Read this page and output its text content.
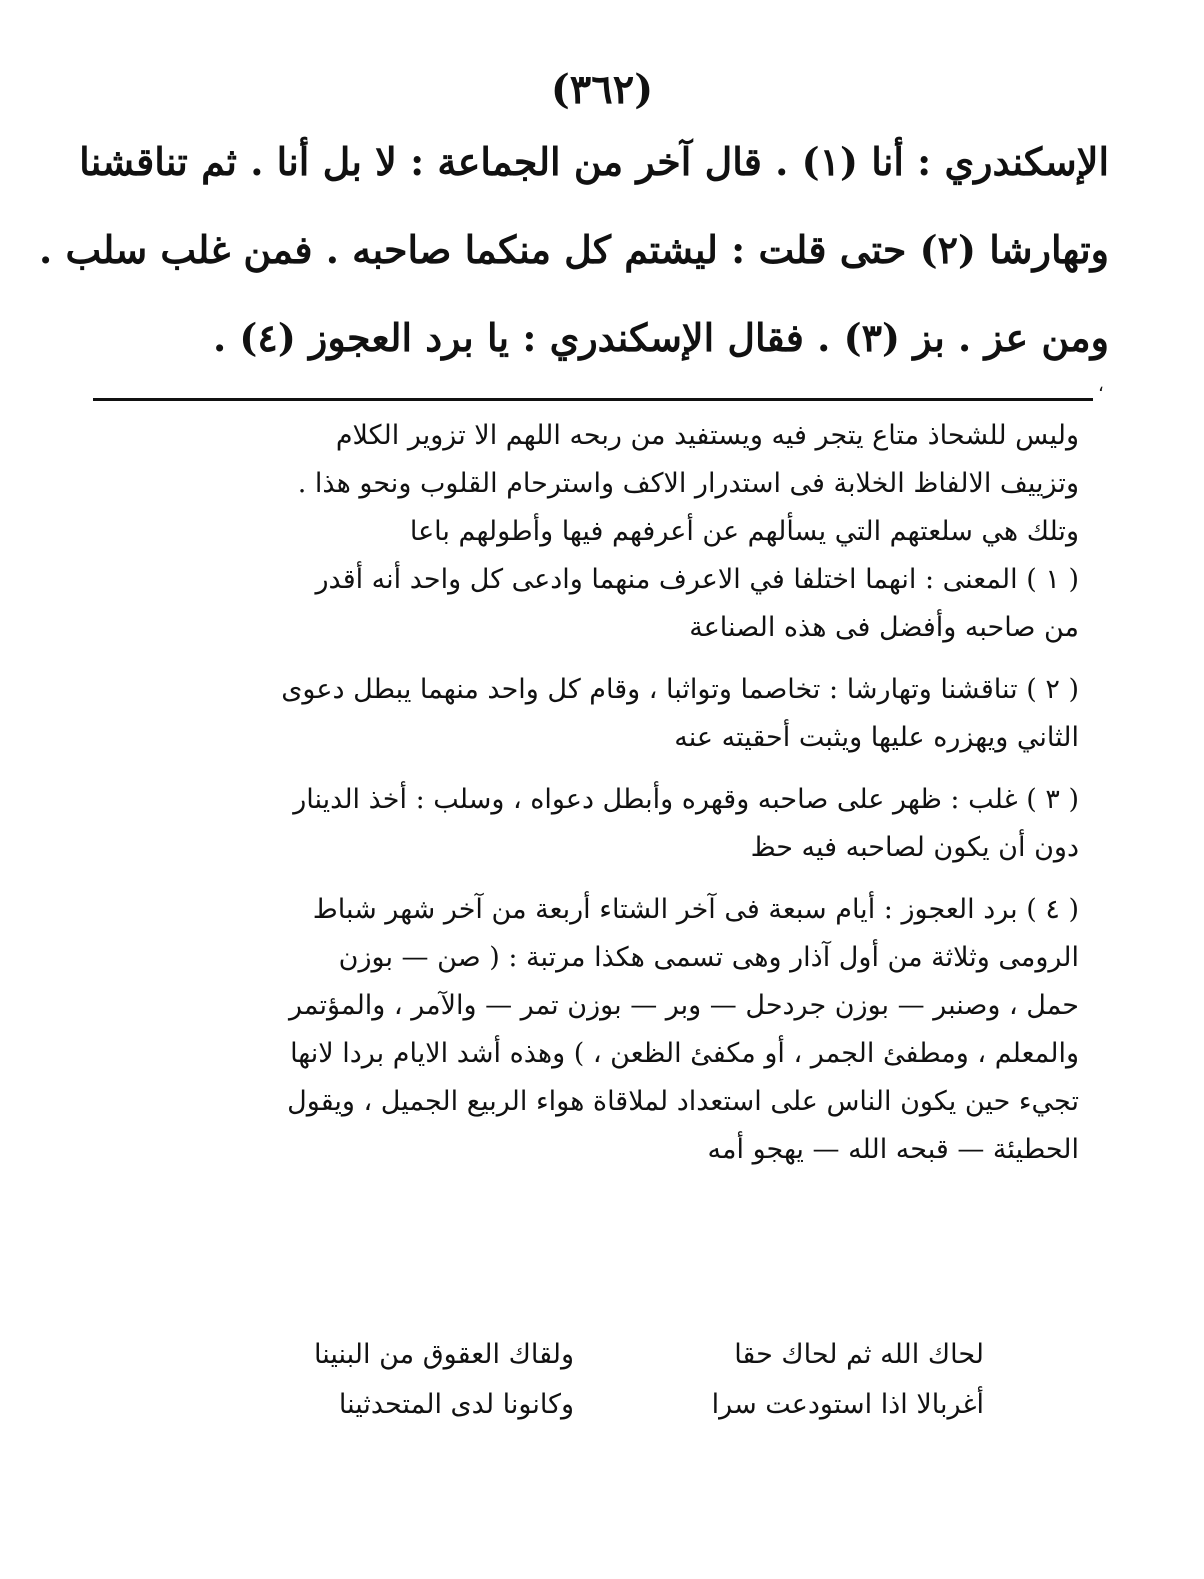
(٣٦٢)
الإسكندري : أنا (١) . قال آخر من الجماعة : لا بل أنا . ثم تناقشنا
وتهارشا (٢) حتى قلت : ليشتم كل منكما صاحبه . فمن غلب سلب .
ومن عز . بز (٣) . فقال الإسكندري : يا برد العجوز (٤) .
،
وليس للشحاذ متاع يتجر فيه ويستفيد من ربحه اللهم الا تزوير الكلام
وتزييف الالفاظ الخلابة فى استدرار الاكف واسترحام القلوب ونحو هذا .
وتلك هي سلعتهم التي يسألهم عن أعرفهم فيها وأطولهم باعا
( ١ ) المعنى : انهما اختلفا في الاعرف منهما وادعى كل واحد أنه أقدر
من صاحبه وأفضل فى هذه الصناعة
( ٢ ) تناقشنا وتهارشا : تخاصما وتواثبا ، وقام كل واحد منهما يبطل دعوى
الثاني ويهزره عليها ويثبت أحقيته عنه
( ٣ ) غلب : ظهر على صاحبه وقهره وأبطل دعواه ، وسلب : أخذ الدينار
دون أن يكون لصاحبه فيه حظ
( ٤ ) برد العجوز : أيام سبعة فى آخر الشتاء أربعة من آخر شهر شباط
الرومى وثلاثة من أول آذار وهى تسمى هكذا مرتبة : ( صن — بوزن
حمل ، وصنبر — بوزن جردحل — وبر — بوزن تمر — والآمر ، والمؤتمر
والمعلم ، ومطفئ الجمر ، أو مكفئ الظعن ، ) وهذه أشد الايام بردا لانها
تجيء حين يكون الناس على استعداد لملاقاة هواء الربيع الجميل ، ويقول
الحطيئة — قبحه الله — يهجو أمه
لحاك الله ثم لحاك حقا
ولقاك العقوق من البنينا
أغربالا اذا استودعت سرا
وكانونا لدى المتحدثينا
